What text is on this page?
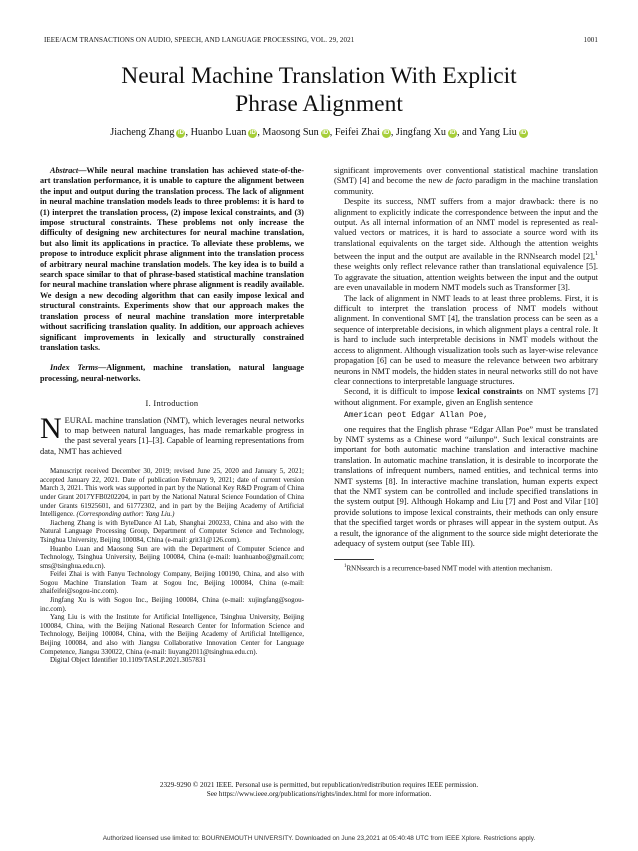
IEEE/ACM TRANSACTIONS ON AUDIO, SPEECH, AND LANGUAGE PROCESSING, VOL. 29, 2021	1001
Neural Machine Translation With Explicit
Phrase Alignment
Jiacheng Zhang iD , Huanbo Luan iD , Maosong Sun iD , Feifei Zhai iD , Jingfang Xu iD , and Yang Liu iD

Abstract—While neural machine translation has achieved state-of-the-art translation performance, it is unable to capture the alignment between the input and output during the translation process. The lack of alignment in neural machine translation models leads to three problems: it is hard to (1) interpret the translation process, (2) impose lexical constraints, and (3) impose structural constraints. These problems not only increase the difficulty of designing new architectures for neural machine translation, but also limit its applications in practice. To alleviate these problems, we propose to introduce explicit phrase alignment into the translation process of arbitrary neural machine translation models. The key idea is to build a search space similar to that of phrase-based statistical machine translation for neural machine translation where phrase alignment is readily available. We design a new decoding algorithm that can easily impose lexical and structural constraints. Experiments show that our approach makes the translation process of neural machine translation more interpretable without sacrificing translation quality. In addition, our approach achieves significant improvements in lexically and structurally constrained translation tasks.

Index Terms—Alignment, machine translation, natural language processing, neural-networks.

I. Introduction

NEURAL machine translation (NMT), which leverages neural networks to map between natural languages, has made remarkable progress in the past several years [1]–[3]. Capable of learning representations from data, NMT has achieved

Manuscript received December 30, 2019; revised June 25, 2020 and January 5, 2021; accepted January 22, 2021. Date of publication February 9, 2021; date of current version March 3, 2021. This work was supported in part by the National Key R&D Program of China under Grant 2017YFB0202204, in part by the National Natural Science Foundation of China under Grants 61925601, and 61772302, and in part by the Beijing Academy of Artificial Intelligence. (Corresponding author: Yang Liu.)

Jiacheng Zhang is with ByteDance AI Lab, Shanghai 200233, China and also with the Natural Language Processing Group, Department of Computer Science and Technology, Tsinghua University, Beijing 100084, China (e-mail: grit31@126.com).

Huanbo Luan and Maosong Sun are with the Department of Computer Science and Technology, Tsinghua University, Beijing 100084, China (e-mail: luanhuanbo@gmail.com; sms@tsinghua.edu.cn).

Feifei Zhai is with Fanyu Technology Company, Beijing 100190, China, and also with Sogou Machine Translation Team at Sogou Inc, Beijing 100084, China (e-mail: zhaifeifei@sogou-inc.com).

Jingfang Xu is with Sogou Inc., Beijing 100084, China (e-mail: xujingfang@sogou-inc.com).

Yang Liu is with the Institute for Artificial Intelligence, Tsinghua University, Beijing 100084, China, with the Beijing National Research Center for Information Science and Technology, Beijing 100084, China, with the Beijing Academy of Artificial Intelligence, Beijing 100084, and also with Jiangsu Collaborative Innovation Center for Language Competence, Jiangsu 330022, China (e-mail: liuyang2011@tsinghua.edu.cn).

Digital Object Identifier 10.1109/TASLP.2021.3057831

significant improvements over conventional statistical machine translation (SMT) [4] and become the new de facto paradigm in the machine translation community.

Despite its success, NMT suffers from a major drawback: there is no alignment to explicitly indicate the correspondence between the input and the output. As all internal information of an NMT model is represented as real-valued vectors or matrices, it is hard to associate a source word with its translational equivalents on the target side. Although the attention weights between the input and the output are available in the RNNsearch model [2],$^1$ these weights only reflect relevance rather than translational equivalence [5]. To aggravate the situation, attention weights between the input and the output are even unavailable in modern NMT models such as Transformer [3].

The lack of alignment in NMT leads to at least three problems. First, it is difficult to interpret the translation process of NMT models without alignment. In conventional SMT [4], the translation process can be seen as a sequence of interpretable decisions, in which alignment plays a central role. It is hard to include such interpretable decisions in NMT models without the access to alignment. Although visualization tools such as layer-wise relevance propagation [6] can be used to measure the relevance between two arbitrary neurons in NMT models, the hidden states in neural networks still do not have clear connections to interpretable language structures.

Second, it is difficult to impose lexical constraints on NMT systems [7] without alignment. For example, given an English sentence

American peot Edgar Allan Poe,

one requires that the English phrase “Edgar Allan Poe” must be translated by NMT systems as a Chinese word “ailunpo”. Such lexical constraints are important for both automatic machine translation and interactive machine translation. In automatic machine translation, it is desirable to incorporate the translations of infrequent numbers, named entities, and technical terms into NMT systems [8]. In interactive machine translation, human experts expect that the NMT system can be controlled and include specified translations in the system output [9]. Although Hokamp and Liu [7] and Post and Vilar [10] provide solutions to impose lexical constraints, their methods can only ensure that the specified target words or phrases will appear in the system output. As a result, the ignorance of the alignment to the source side might deteriorate the adequacy of system output (see Table III).

$^1$RNNsearch is a recurrence-based NMT model with attention mechanism.

2329-9290 © 2021 IEEE. Personal use is permitted, but republication/redistribution requires IEEE permission.
See https://www.ieee.org/publications/rights/index.html for more information.
Authorized licensed use limited to: BOURNEMOUTH UNIVERSITY. Downloaded on June 23,2021 at 05:40:48 UTC from IEEE Xplore. Restrictions apply.
